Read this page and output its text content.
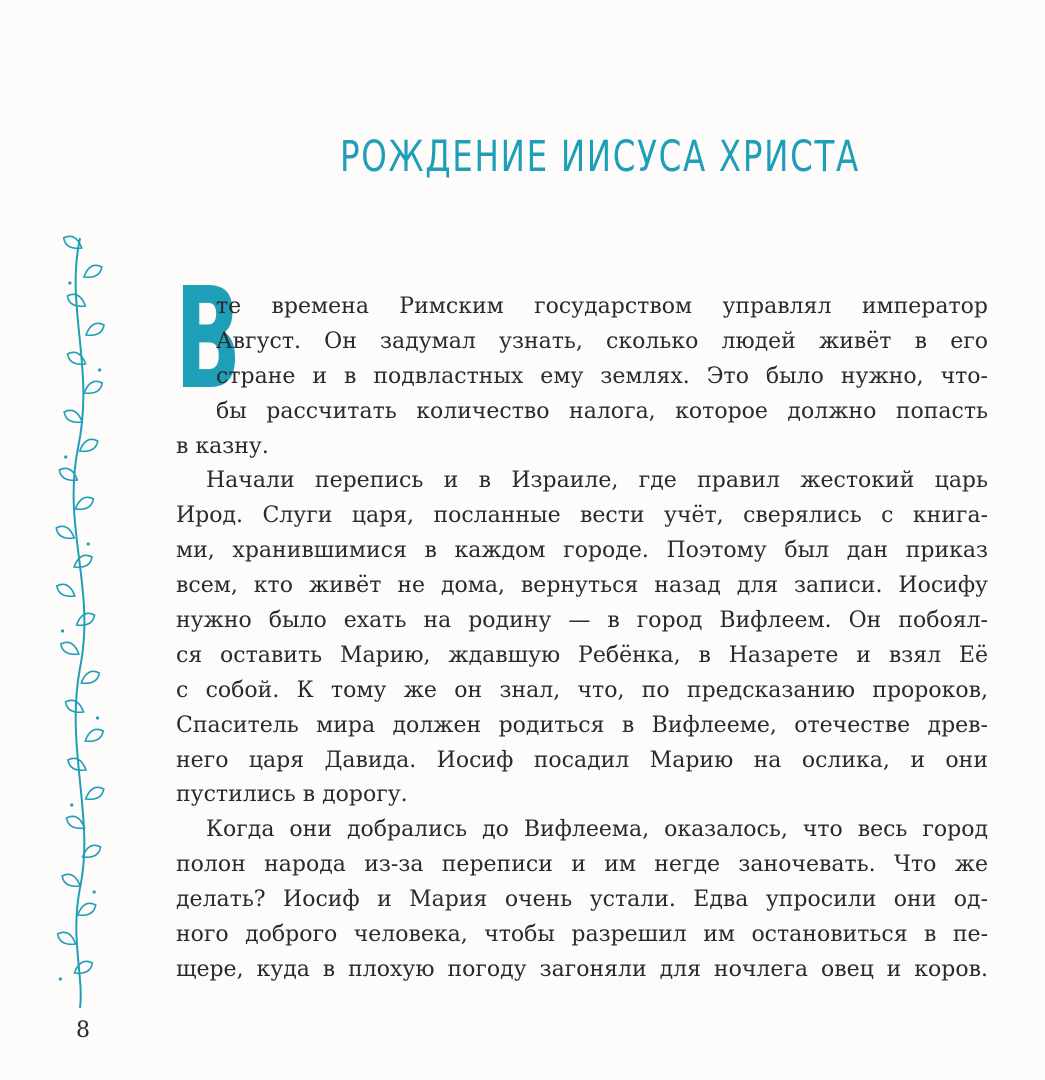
РОЖДЕНИЕ ИИСУСА ХРИСТА
В
те времена Римским государством управлял император
Август. Он задумал узнать, сколько людей живёт в его
стране и в подвластных ему землях. Это было нужно, что-
бы рассчитать количество налога, которое должно попасть
в казну.
Начали перепись и в Израиле, где правил жестокий царь
Ирод. Слуги царя, посланные вести учёт, сверялись с книга-
ми, хранившимися в каждом городе. Поэтому был дан приказ
всем, кто живёт не дома, вернуться назад для записи. Иосифу
нужно было ехать на родину — в город Вифлеем. Он побоял-
ся оставить Марию, ждавшую Ребёнка, в Назарете и взял Её
с собой. К тому же он знал, что, по предсказанию пророков,
Спаситель мира должен родиться в Вифлееме, отечестве древ-
него царя Давида. Иосиф посадил Марию на ослика, и они
пустились в дорогу.
Когда они добрались до Вифлеема, оказалось, что весь город
полон народа из-за переписи и им негде заночевать. Что же
делать? Иосиф и Мария очень устали. Едва упросили они од-
ного доброго человека, чтобы разрешил им остановиться в пе-
щере, куда в плохую погоду загоняли для ночлега овец и коров.
8
